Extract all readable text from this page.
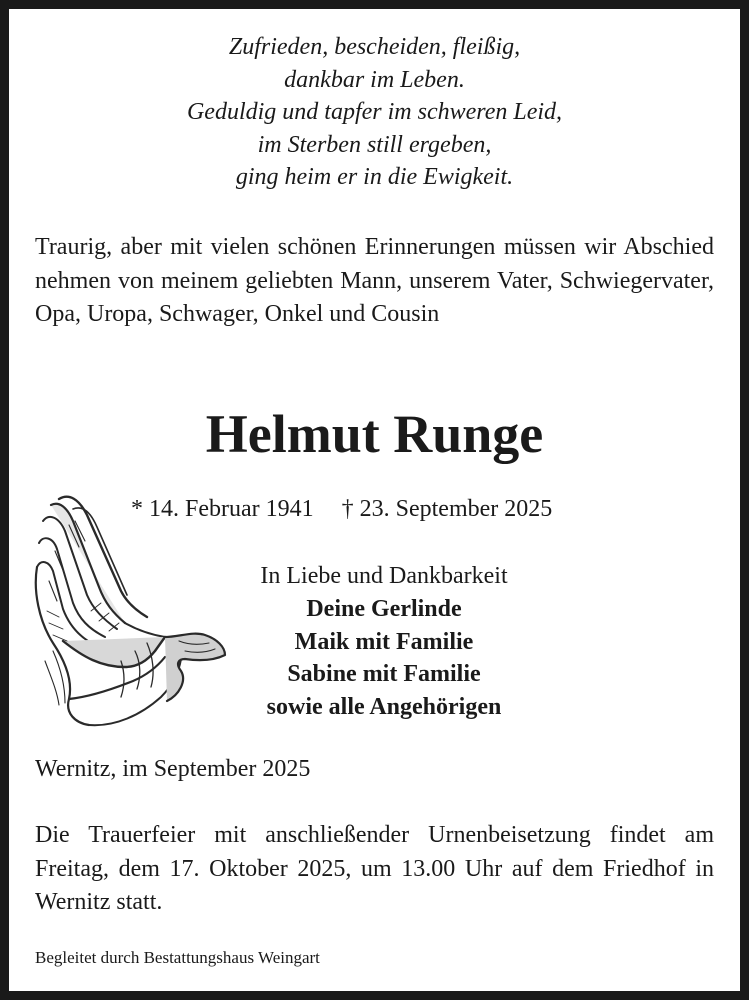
Zufrieden, bescheiden, fleißig,
dankbar im Leben.
Geduldig und tapfer im schweren Leid,
im Sterben still ergeben,
ging heim er in die Ewigkeit.
Traurig, aber mit vielen schönen Erinnerungen müssen wir Abschied nehmen von meinem geliebten Mann, unserem Vater, Schwiegervater, Opa, Uropa, Schwager, Onkel und Cousin
Helmut Runge
* 14. Februar 1941 † 23. September 2025
In Liebe und Dankbarkeit
Deine Gerlinde
Maik mit Familie
Sabine mit Familie
sowie alle Angehörigen
Wernitz, im September 2025
Die Trauerfeier mit anschließender Urnenbeisetzung findet am Freitag, dem 17. Oktober 2025, um 13.00 Uhr auf dem Friedhof in Wernitz statt.
Begleitet durch Bestattungshaus Weingart
